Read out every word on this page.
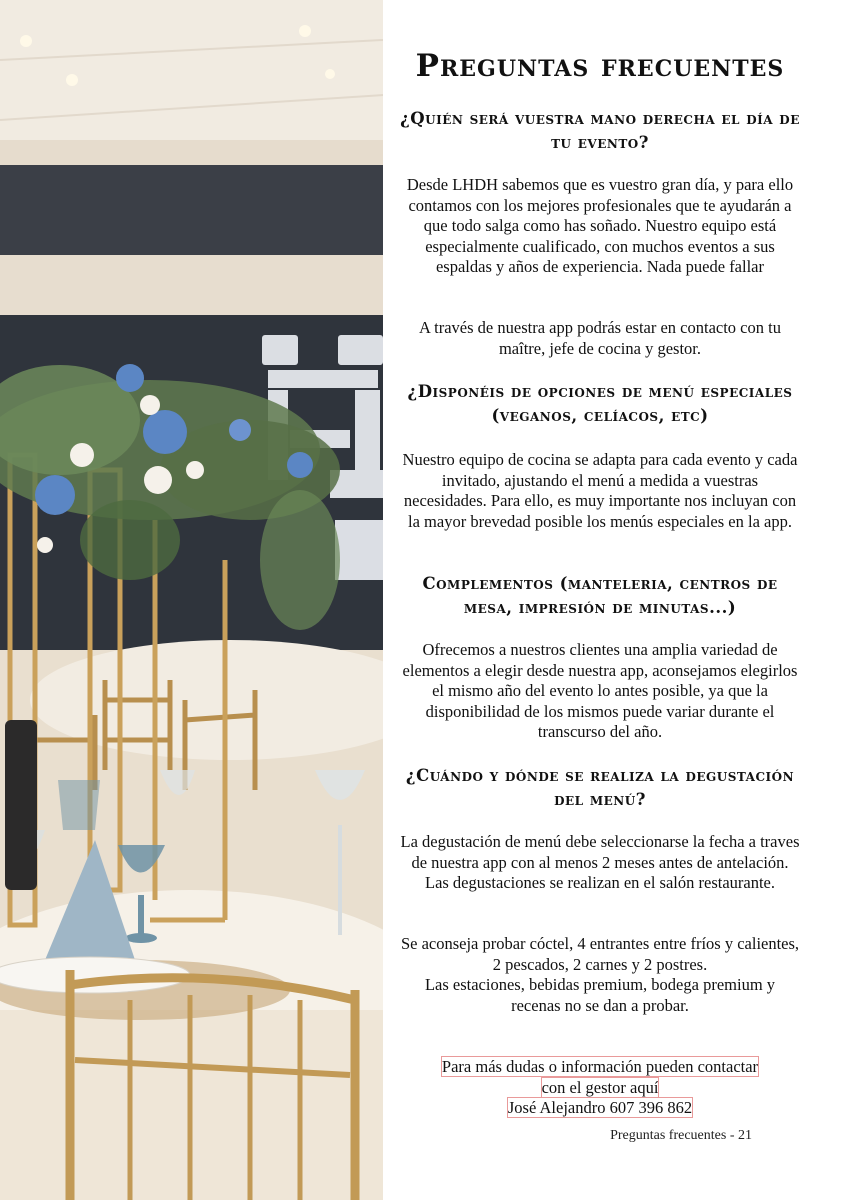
Preguntas frecuentes
¿Quién será vuestra mano derecha el día de tu evento?

Desde LHDH sabemos que es vuestro gran día, y para ello contamos con los mejores profesionales que te ayudarán a que todo salga como has soñado. Nuestro equipo está especialmente cualificado, con muchos eventos a sus espaldas y años de experiencia. Nada puede fallar

A través de nuestra app podrás estar en contacto con tu maître, jefe de cocina y gestor.

¿Disponéis de opciones de menú especiales (veganos, celíacos, etc)

Nuestro equipo de cocina se adapta para cada evento y cada invitado, ajustando el menú a medida a vuestras necesidades. Para ello, es muy importante nos incluyan con la mayor brevedad posible los menús especiales en la app.

Complementos (manteleria, centros de mesa, impresión de minutas...)

Ofrecemos a nuestros clientes una amplia variedad de elementos a elegir desde nuestra app, aconsejamos elegirlos el mismo año del evento lo antes posible, ya que la disponibilidad de los mismos puede variar durante el transcurso del año.

¿Cuándo y dónde se realiza la degustación del menú?

La degustación de menú debe seleccionarse la fecha a traves de nuestra app con al menos 2 meses antes de antelación. Las degustaciones se realizan en el salón restaurante.

Se aconseja probar cóctel, 4 entrantes entre fríos y calientes, 2 pescados, 2 carnes y 2 postres.

Las estaciones, bebidas premium, bodega premium y recenas no se dan a probar.

Para más dudas o información pueden contactar
con el gestor aquí
José Alejandro 607 396 862
Preguntas frecuentes - 21
